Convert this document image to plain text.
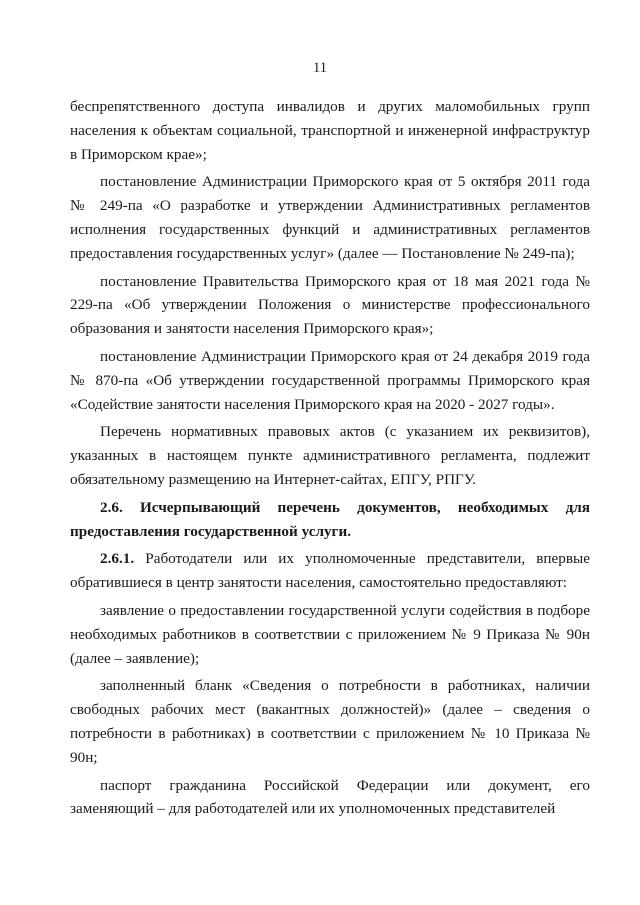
11

беспрепятственного доступа инвалидов и других маломобильных групп населения к объектам социальной, транспортной и инженерной инфраструктур в Приморском крае»;

постановление Администрации Приморского края от 5 октября 2011 года № 249-па «О разработке и утверждении Административных регламентов исполнения государственных функций и административных регламентов предоставления государственных услуг» (далее — Постановление № 249-па);

постановление Правительства Приморского края от 18 мая 2021 года № 229-па «Об утверждении Положения о министерстве профессионального образования и занятости населения Приморского края»;

постановление Администрации Приморского края от 24 декабря 2019 года № 870-па «Об утверждении государственной программы Приморского края «Содействие занятости населения Приморского края на 2020 - 2027 годы».

Перечень нормативных правовых актов (с указанием их реквизитов), указанных в настоящем пункте административного регламента, подлежит обязательному размещению на Интернет-сайтах, ЕПГУ, РПГУ.

2.6. Исчерпывающий перечень документов, необходимых для предоставления государственной услуги.

2.6.1. Работодатели или их уполномоченные представители, впервые обратившиеся в центр занятости населения, самостоятельно предоставляют:

заявление о предоставлении государственной услуги содействия в подборе необходимых работников в соответствии с приложением № 9 Приказа № 90н (далее – заявление);

заполненный бланк «Сведения о потребности в работниках, наличии свободных рабочих мест (вакантных должностей)» (далее – сведения о потребности в работниках) в соответствии с приложением № 10 Приказа № 90н;

паспорт гражданина Российской Федерации или документ, его заменяющий – для работодателей или их уполномоченных представителей
